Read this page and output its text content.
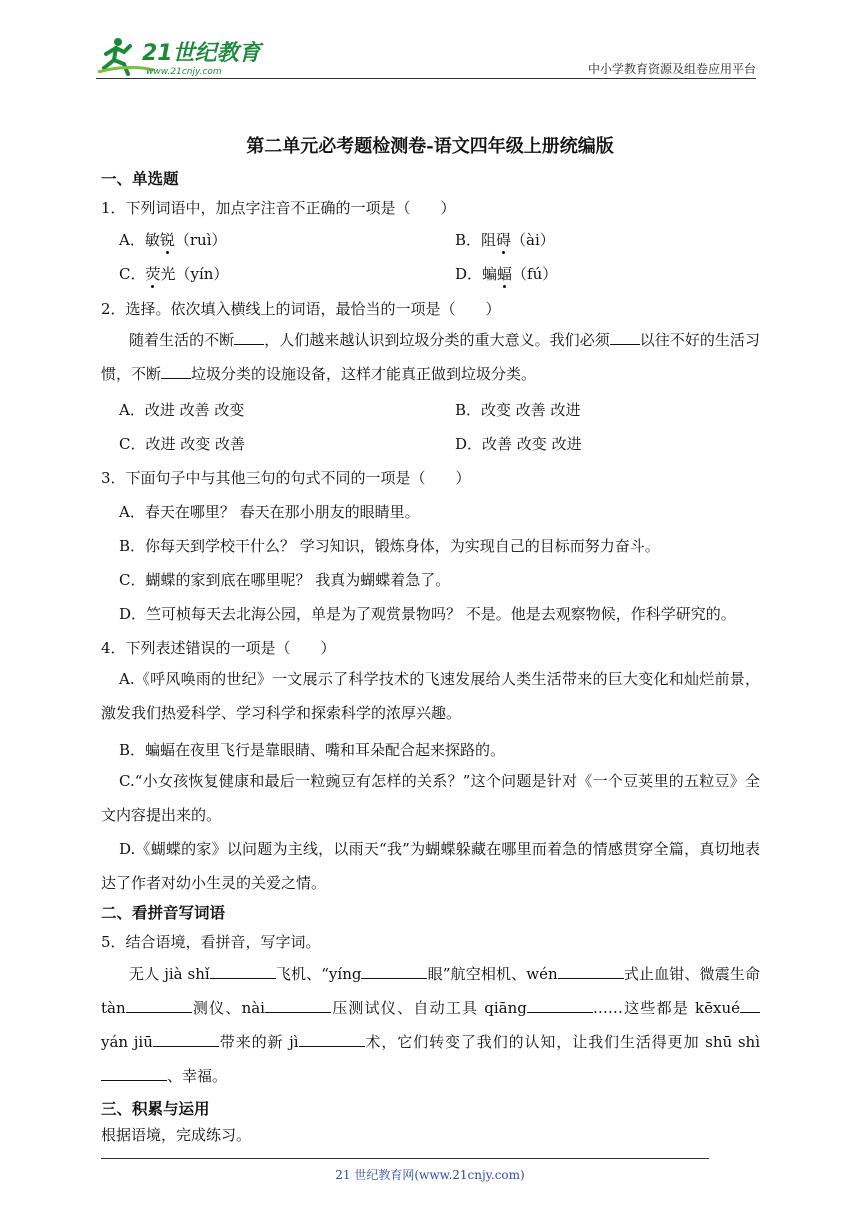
21世纪教育
www.21cnjy.com	中小学教育资源及组卷应用平台
第二单元必考题检测卷-语文四年级上册统编版
一、单选题
1．下列词语中，加点字注音不正确的一项是（　　）
A．敏锐（ruì）	B．阻碍（ài）
C．荧光（yín）	D．蝙蝠（fú）
2．选择。依次填入横线上的词语，最恰当的一项是（　　）
随着生活的不断 ，人们越来越认识到垃圾分类的重大意义。我们必须 以往不好的生活习惯，不断 垃圾分类的设施设备，这样才能真正做到垃圾分类。
A．改进 改善 改变	B．改变 改善 改进
C．改进 改变 改善	D．改善 改变 改进
3．下面句子中与其他三句的句式不同的一项是（　　）
A．春天在哪里？ 春天在那小朋友的眼睛里。
B．你每天到学校干什么？ 学习知识，锻炼身体，为实现自己的目标而努力奋斗。
C．蝴蝶的家到底在哪里呢？ 我真为蝴蝶着急了。
D．竺可桢每天去北海公园，单是为了观赏景物吗？ 不是。他是去观察物候，作科学研究的。
4．下列表述错误的一项是（　　）
A.《呼风唤雨的世纪》一文展示了科学技术的飞速发展给人类生活带来的巨大变化和灿烂前景，激发我们热爱科学、学习科学和探索科学的浓厚兴趣。
B．蝙蝠在夜里飞行是靠眼睛、嘴和耳朵配合起来探路的。
C.“小女孩恢复健康和最后一粒豌豆有怎样的关系？”这个问题是针对《一个豆荚里的五粒豆》全文内容提出来的。
D.《蝴蝶的家》以问题为主线，以雨天“我”为蝴蝶躲藏在哪里而着急的情感贯穿全篇，真切地表达了作者对幼小生灵的关爱之情。
二、看拼音写词语
5．结合语境，看拼音，写字词。
无人 jià shǐ	飞机、“yíng	眼”航空相机、wén	式止血钳、微震生命 tàn	测仪、nài	压测试仪、自动工具 qiāng	……这些都是 kēxué yán jiū	带来的新 jì	术，它们转变了我们的认知，让我们生活得更加 shū shì、幸福。
三、积累与运用
根据语境，完成练习。
21 世纪教育网(www.21cnjy.com)
